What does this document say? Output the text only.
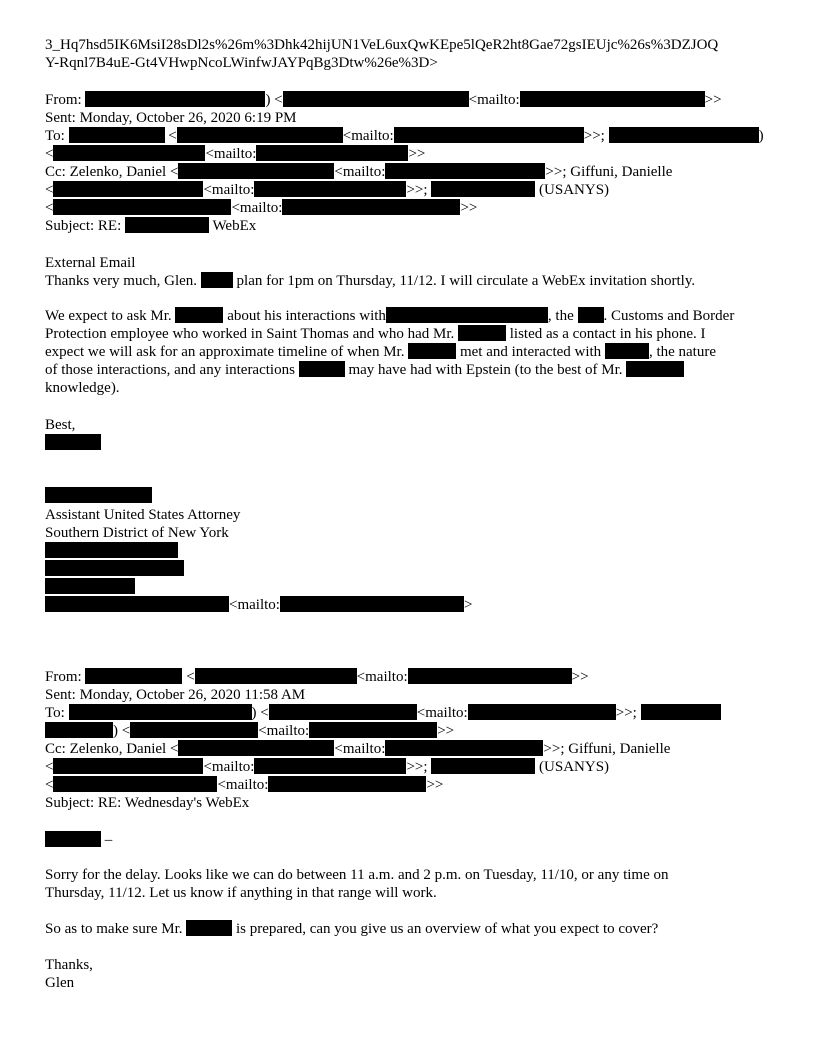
3_Hq7hsd5IK6MsiI28sDl2s%26m%3Dhk42hijUN1VeL6uxQwKEpe5lQeR2ht8Gae72gsIEUjc%26s%3DZJOQ
Y-Rqnl7B4uE-Gt4VHwpNcoLWinfwJAYPqBg3Dtw%26e%3D>
From:	) <	<mailto:	>>
Sent: Monday, October 26, 2020 6:19 PM
To:	<	<mailto:	>>;	)
<	<mailto:	>>
Cc: Zelenko, Daniel <	<mailto:	>>; Giffuni, Danielle
<	<mailto:	>>;	(USANYS)
<	<mailto:	>>
Subject: RE:	WebEx
External Email
Thanks very much, Glen.  plan for 1pm on Thursday, 11/12. I will circulate a WebEx invitation shortly.
We expect to ask Mr.	about his interactions with	, the . Customs and Border
Protection employee who worked in Saint Thomas and who had Mr.	listed as a contact in his phone. I
expect we will ask for an approximate timeline of when Mr.	met and interacted with	, the nature
of those interactions, and any interactions	may have had with Epstein (to the best of Mr.
knowledge).
Best,
Assistant United States Attorney
Southern District of New York
<mailto:	>
From:	<	<mailto:	>>
Sent: Monday, October 26, 2020 11:58 AM
To:	) <	<mailto:	>>;
) <	<mailto:	>>
Cc: Zelenko, Daniel <	<mailto:	>>; Giffuni, Danielle
<	<mailto:	>>;	(USANYS)
<	<mailto:	>>
Subject: RE: Wednesday's WebEx
–
Sorry for the delay. Looks like we can do between 11 a.m. and 2 p.m. on Tuesday, 11/10, or any time on
Thursday, 11/12. Let us know if anything in that range will work.
So as to make sure Mr.	is prepared, can you give us an overview of what you expect to cover?
Thanks,
Glen
